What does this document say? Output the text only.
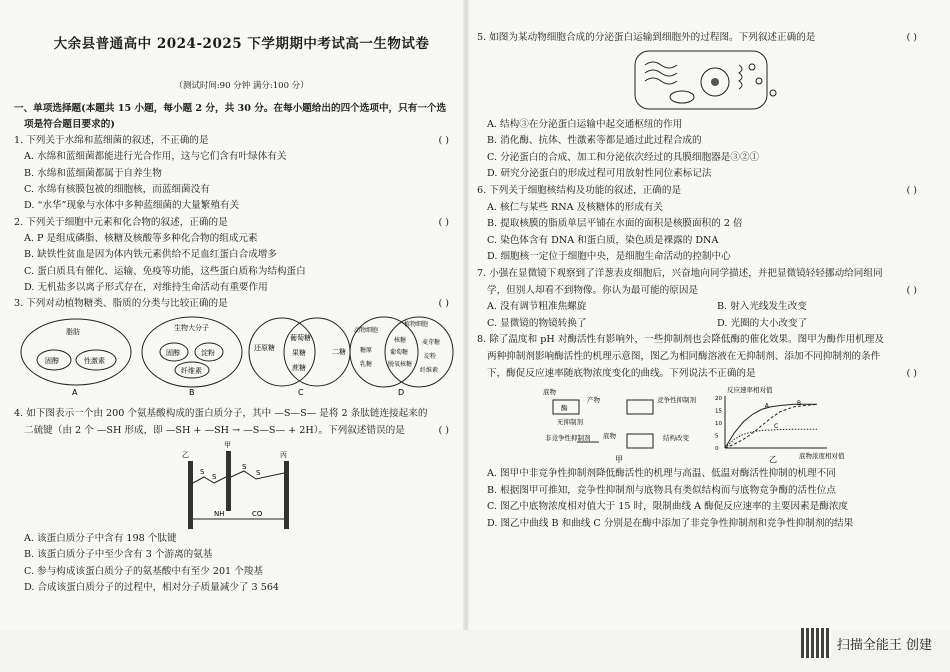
大余县普通高中 2024-2025 下学期期中考试高一生物试卷
（测试时间:90 分钟 满分:100 分）
一、单项选择题(本题共 15 小题，每小题 2 分，共 30 分。在每小题给出的四个选项中，只有一个选
项是符合题目要求的)
1. 下列关于水绵和蓝细菌的叙述，不正确的是	( )
A. 水绵和蓝细菌都能进行光合作用，这与它们含有叶绿体有关
B. 水绵和蓝细菌都属于自养生物
C. 水绵有核膜包被的细胞核，而蓝细菌没有
D. “水华”现象与水体中多种蓝细菌的大量繁殖有关
2. 下列关于细胞中元素和化合物的叙述，正确的是	( )
A. P 是组成磷脂、核糖及核酸等多种化合物的组成元素
B. 缺铁性贫血是因为体内铁元素供给不足血红蛋白合成增多
C. 蛋白质具有催化、运输、免疫等功能，这些蛋白质称为结构蛋白
D. 无机盐多以离子形式存在，对维持生命活动有重要作用
3. 下列对动植物糖类、脂质的分类与比较正确的是	( )
脂肪
固醇	性激素
A
生物大分子
固醇	淀粉
纤维素
B
还原糖
葡萄糖
果糖
蔗糖
二糖
C
动物细胞
植物细胞
糖原
乳糖
核糖
葡萄糖
脱氧核糖
麦芽糖
淀粉
纤维素
D
4. 如下图表示一个由 200 个氨基酸构成的蛋白质分子，其中 —S—S— 是将 2 条肽链连接起来的
二硫键（由 2 个 —SH 形成，即 —SH + —SH → —S—S— + 2H）。下列叙述错误的是	( )
甲
乙	丙
S
S
S
S
NH	CO
A. 该蛋白质分子中含有 198 个肽键
B. 该蛋白质分子中至少含有 3 个游离的氨基
C. 参与构成该蛋白质分子的氨基酸中有至少 201 个羧基
D. 合成该蛋白质分子的过程中，相对分子质量减少了 3 564
5. 如图为某动物细胞合成的分泌蛋白运输到细胞外的过程图。下列叙述正确的是	( )
A. 结构③在分泌蛋白运输中起交通枢纽的作用
B. 消化酶、抗体、性激素等都是通过此过程合成的
C. 分泌蛋白的合成、加工和分泌依次经过的具膜细胞器是③②①
D. 研究分泌蛋白的形成过程可用放射性同位素标记法
6. 下列关于细胞核结构及功能的叙述，正确的是	( )
A. 核仁与某些 RNA 及核糖体的形成有关
B. 提取核膜的脂质单层平铺在水面的面积是核膜面积的 2 倍
C. 染色体含有 DNA 和蛋白质，染色质是裸露的 DNA
D. 细胞核一定位于细胞中央，是细胞生命活动的控制中心
7. 小强在显微镜下观察到了洋葱表皮细胞后，兴奋地向同学描述，并把显微镜轻轻挪动给同组同
学，但别人却看不到物像。你认为最可能的原因是	( )
A. 没有调节粗准焦螺旋	B. 射入光线发生改变
C. 显微镜的物镜转换了	D. 光圈的大小改变了
8. 除了温度和 pH 对酶活性有影响外，一些抑制剂也会降低酶的催化效果。图甲为酶作用机理及
两种抑制剂影响酶活性的机理示意图，图乙为相同酶溶液在无抑制剂、添加不同抑制剂的条件
下，酶促反应速率随底物浓度变化的曲线。下列说法不正确的是	( )
底物
酶
产物
无抑制剂
竞争性抑制剂
非竞争性抑制剂 底物	结构改变
甲
反应速率相对值
底物浓度相对值
乙
0
5
10
15
20
A	B
C
A. 图甲中非竞争性抑制剂降低酶活性的机理与高温、低温对酶活性抑制的机理不同
B. 根据图甲可推知，竞争性抑制剂与底物具有类似结构而与底物竞争酶的活性位点
C. 图乙中底物浓度相对值大于 15 时，限制曲线 A 酶促反应速率的主要因素是酶浓度
D. 图乙中曲线 B 和曲线 C 分别是在酶中添加了非竞争性抑制剂和竞争性抑制剂的结果
扫描全能王 创建
